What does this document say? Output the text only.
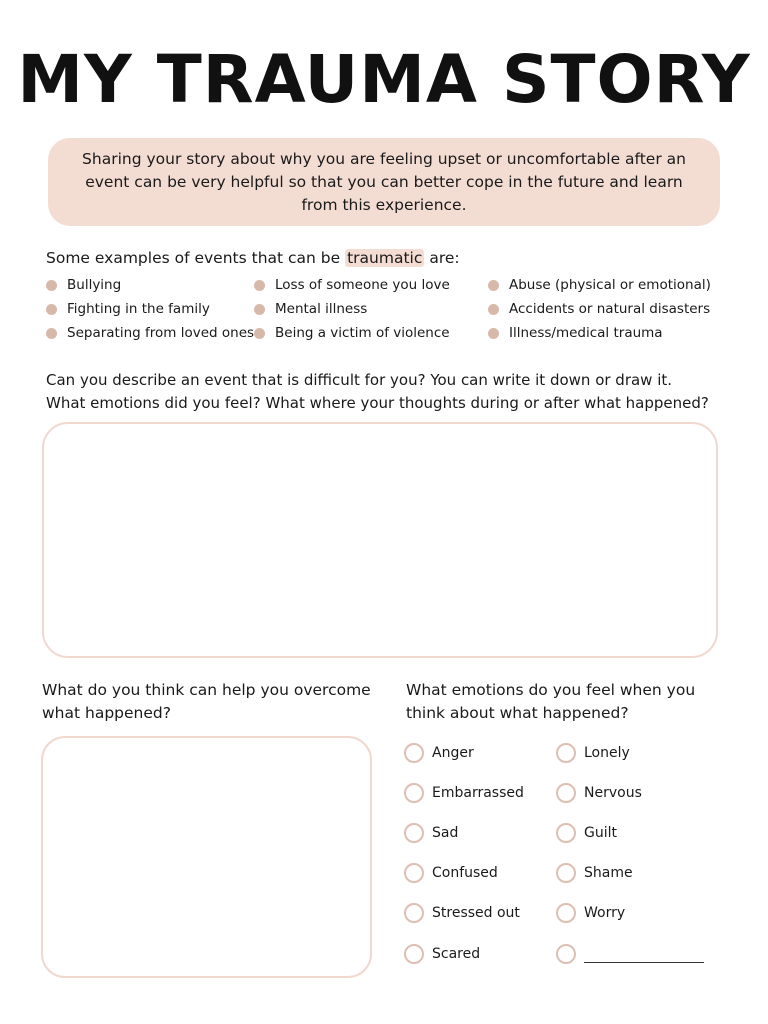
MY TRAUMA STORY
Sharing your story about why you are feeling upset or uncomfortable after an event can be very helpful so that you can better cope in the future and learn from this experience.
Some examples of events that can be traumatic are:
Bullying
Fighting in the family
Separating from loved ones
Loss of someone you love
Mental illness
Being a victim of violence
Abuse (physical or emotional)
Accidents or natural disasters
Illness/medical trauma
Can you describe an event that is difficult for you? You can write it down or draw it.
What emotions did you feel? What where your thoughts during or after what happened?
What do you think can help you overcome
what happened?
What emotions do you feel when you
think about what happened?
Anger
Embarrassed
Sad
Confused
Stressed out
Scared
Lonely
Nervous
Guilt
Shame
Worry
